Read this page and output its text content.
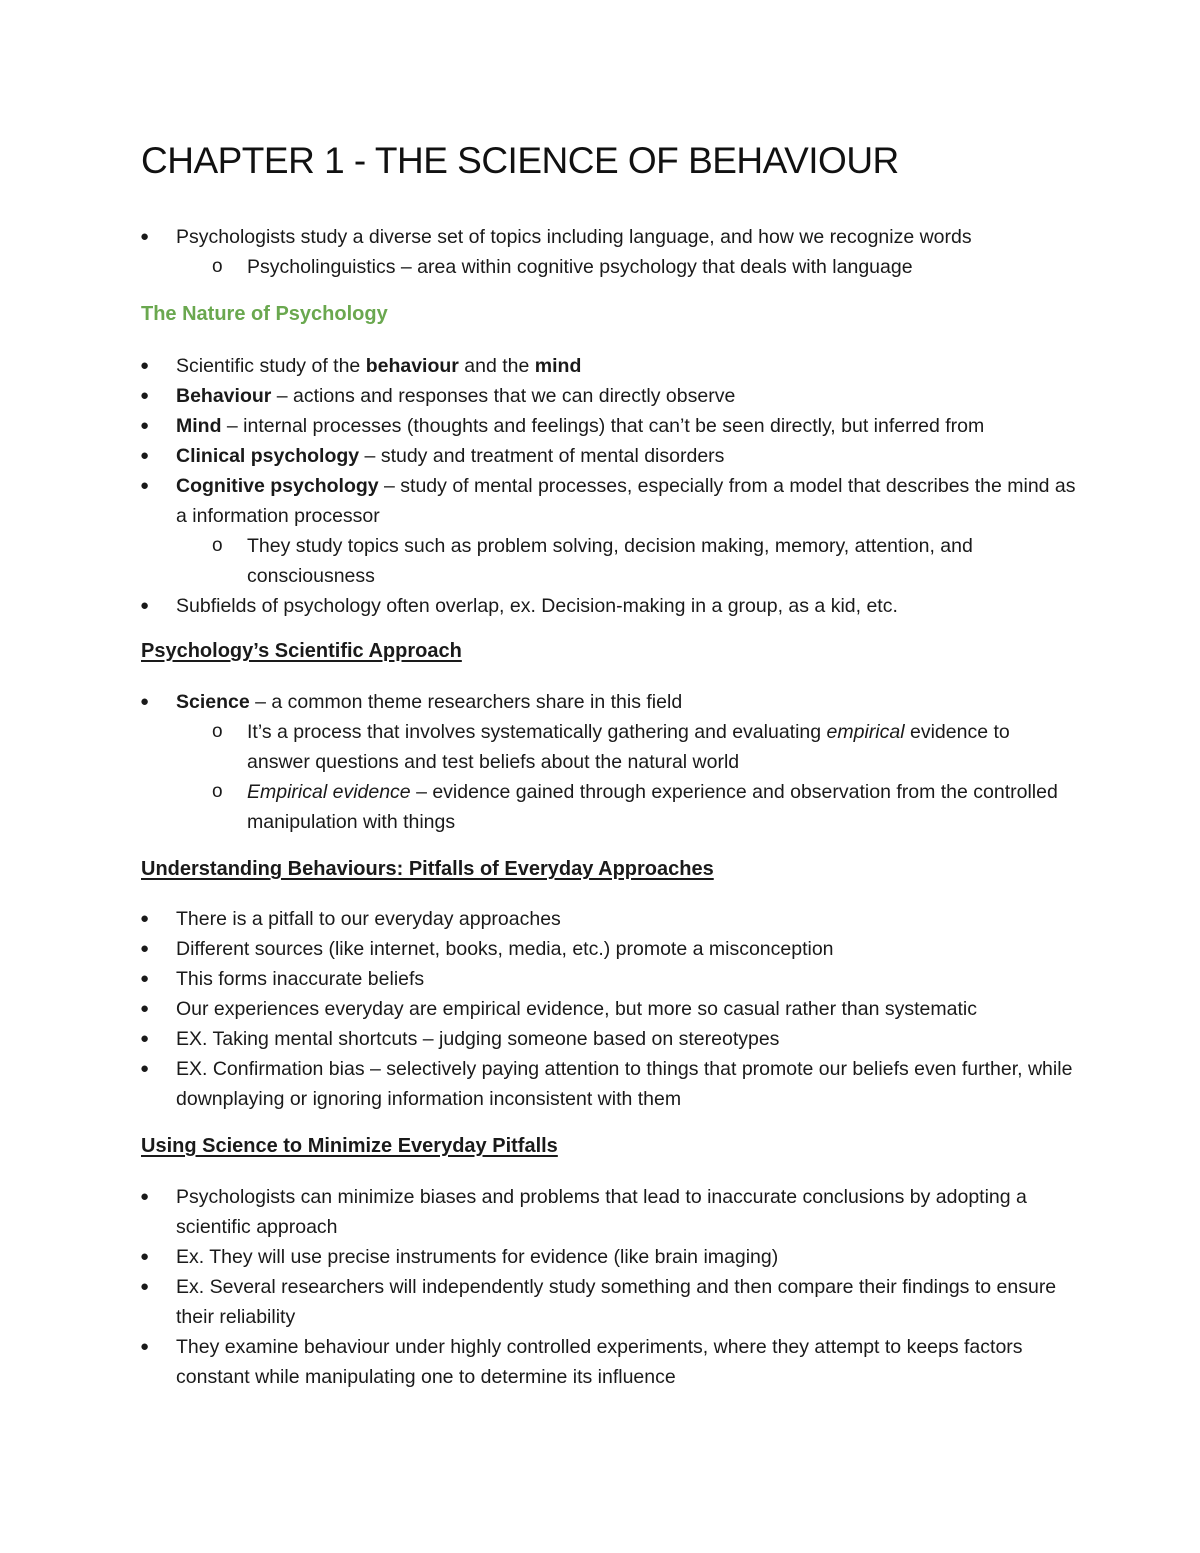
CHAPTER 1 - THE SCIENCE OF BEHAVIOUR
● Psychologists study a diverse set of topics including language, and how we recognize words
o Psycholinguistics – area within cognitive psychology that deals with language
The Nature of Psychology
● Scientific study of the behaviour and the mind
● Behaviour – actions and responses that we can directly observe
● Mind – internal processes (thoughts and feelings) that can’t be seen directly, but inferred from
● Clinical psychology – study and treatment of mental disorders
● Cognitive psychology – study of mental processes, especially from a model that describes the mind as a information processor
o They study topics such as problem solving, decision making, memory, attention, and consciousness
● Subfields of psychology often overlap, ex. Decision-making in a group, as a kid, etc.
Psychology’s Scientific Approach
● Science – a common theme researchers share in this field
o It’s a process that involves systematically gathering and evaluating empirical evidence to answer questions and test beliefs about the natural world
o Empirical evidence – evidence gained through experience and observation from the controlled manipulation with things
Understanding Behaviours: Pitfalls of Everyday Approaches
● There is a pitfall to our everyday approaches
● Different sources (like internet, books, media, etc.) promote a misconception
● This forms inaccurate beliefs
● Our experiences everyday are empirical evidence, but more so casual rather than systematic
● EX. Taking mental shortcuts – judging someone based on stereotypes
● EX. Confirmation bias – selectively paying attention to things that promote our beliefs even further, while downplaying or ignoring information inconsistent with them
Using Science to Minimize Everyday Pitfalls
● Psychologists can minimize biases and problems that lead to inaccurate conclusions by adopting a scientific approach
● Ex. They will use precise instruments for evidence (like brain imaging)
● Ex. Several researchers will independently study something and then compare their findings to ensure their reliability
● They examine behaviour under highly controlled experiments, where they attempt to keeps factors constant while manipulating one to determine its influence
